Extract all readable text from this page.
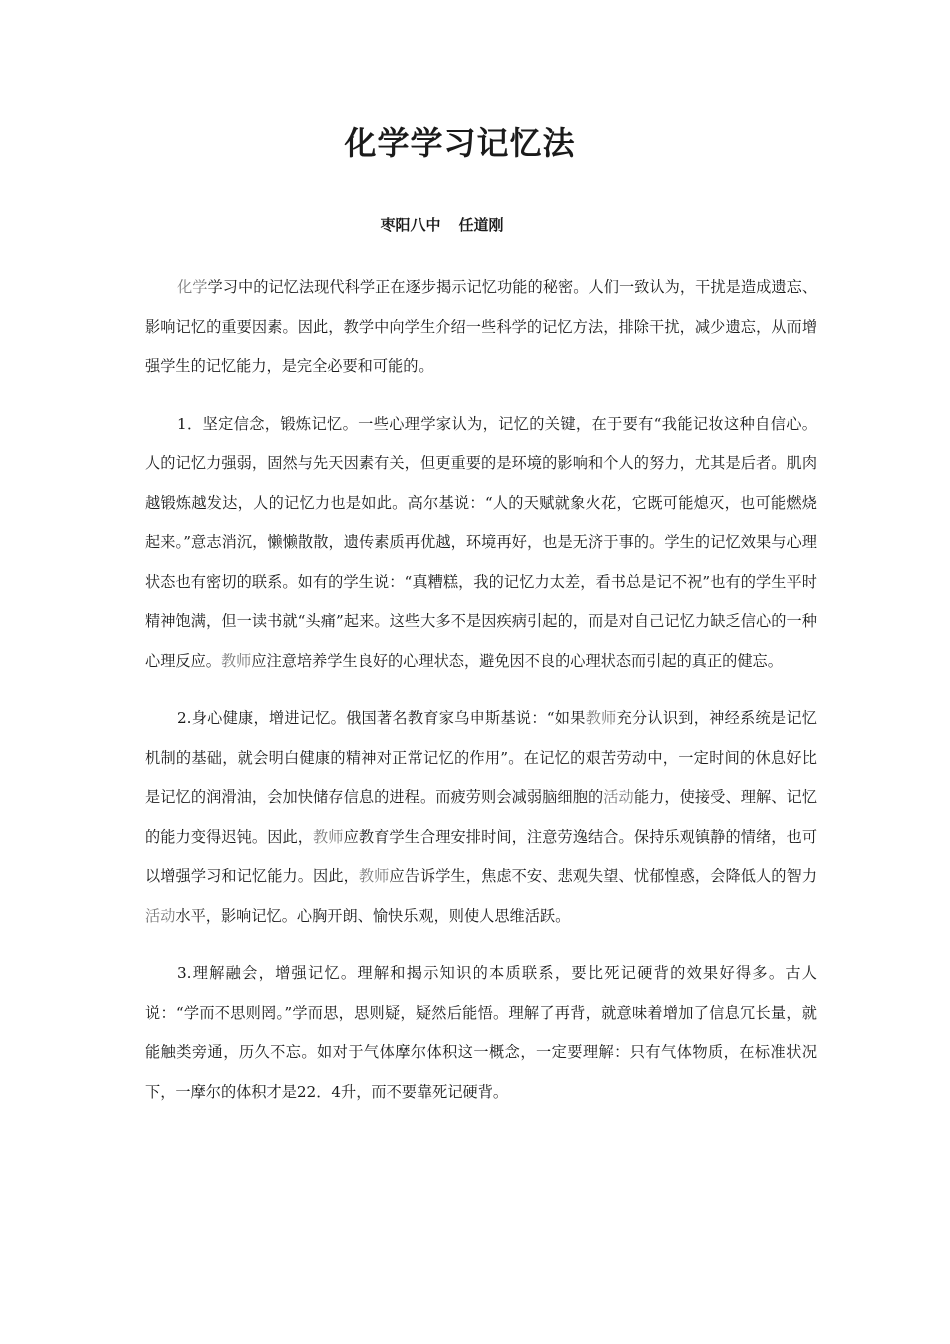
化学学习记忆法

枣阳八中 任道刚

化学学习中的记忆法现代科学正在逐步揭示记忆功能的秘密。人们一致认为，干扰是造成遗忘、影响记忆的重要因素。因此，教学中向学生介绍一些科学的记忆方法，排除干扰，减少遗忘，从而增强学生的记忆能力，是完全必要和可能的。

1．坚定信念，锻炼记忆。一些心理学家认为，记忆的关键，在于要有“我能记妆这种自信心。人的记忆力强弱，固然与先天因素有关，但更重要的是环境的影响和个人的努力，尤其是后者。肌肉越锻炼越发达，人的记忆力也是如此。高尔基说：“人的天赋就象火花，它既可能熄灭，也可能燃烧起来。”意志消沉，懒懒散散，遗传素质再优越，环境再好，也是无济于事的。学生的记忆效果与心理状态也有密切的联系。如有的学生说：“真糟糕，我的记忆力太差，看书总是记不祝”也有的学生平时精神饱满，但一读书就“头痛”起来。这些大多不是因疾病引起的，而是对自己记忆力缺乏信心的一种心理反应。教师应注意培养学生良好的心理状态，避免因不良的心理状态而引起的真正的健忘。

2.身心健康，增进记忆。俄国著名教育家乌申斯基说：“如果教师充分认识到，神经系统是记忆机制的基础，就会明白健康的精神对正常记忆的作用”。在记忆的艰苦劳动中，一定时间的休息好比是记忆的润滑油，会加快储存信息的进程。而疲劳则会减弱脑细胞的活动能力，使接受、理解、记忆的能力变得迟钝。因此，教师应教育学生合理安排时间，注意劳逸结合。保持乐观镇静的情绪，也可以增强学习和记忆能力。因此，教师应告诉学生，焦虑不安、悲观失望、忧郁惶惑，会降低人的智力活动水平，影响记忆。心胸开朗、愉快乐观，则使人思维活跃。

3.理解融会，增强记忆。理解和揭示知识的本质联系，要比死记硬背的效果好得多。古人说：“学而不思则罔。”学而思，思则疑，疑然后能悟。理解了再背，就意味着增加了信息冗长量，就能触类旁通，历久不忘。如对于气体摩尔体积这一概念，一定要理解：只有气体物质，在标准状况下，一摩尔的体积才是22．4升，而不要靠死记硬背。
